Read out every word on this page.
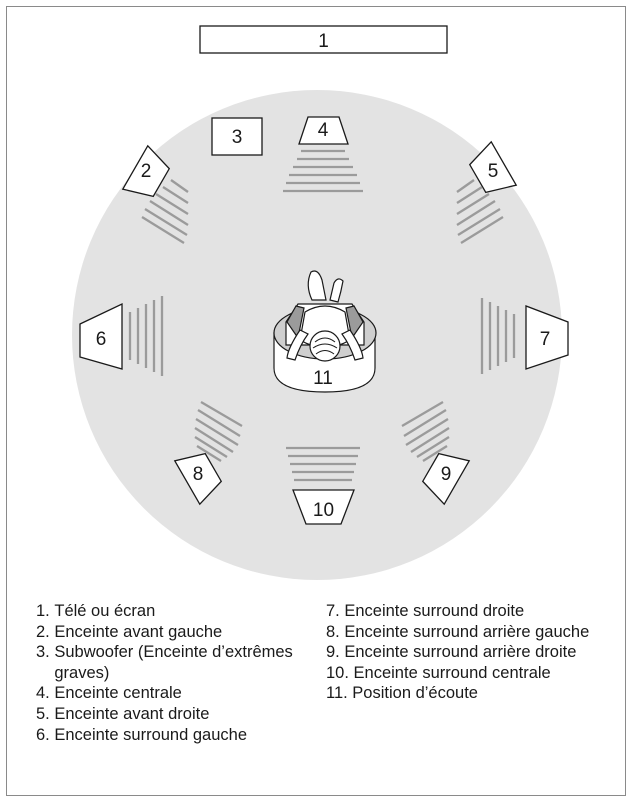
1
3	4
10
6	7
2	5
8	9
11
1. Télé ou écran
2. Enceinte avant gauche
3. Subwoofer (Enceinte d’extrêmes graves)
4. Enceinte centrale
5. Enceinte avant droite
6. Enceinte surround gauche
7. Enceinte surround droite
8. Enceinte surround arrière gauche
9. Enceinte surround arrière droite
10. Enceinte surround centrale
11. Position d’écoute
